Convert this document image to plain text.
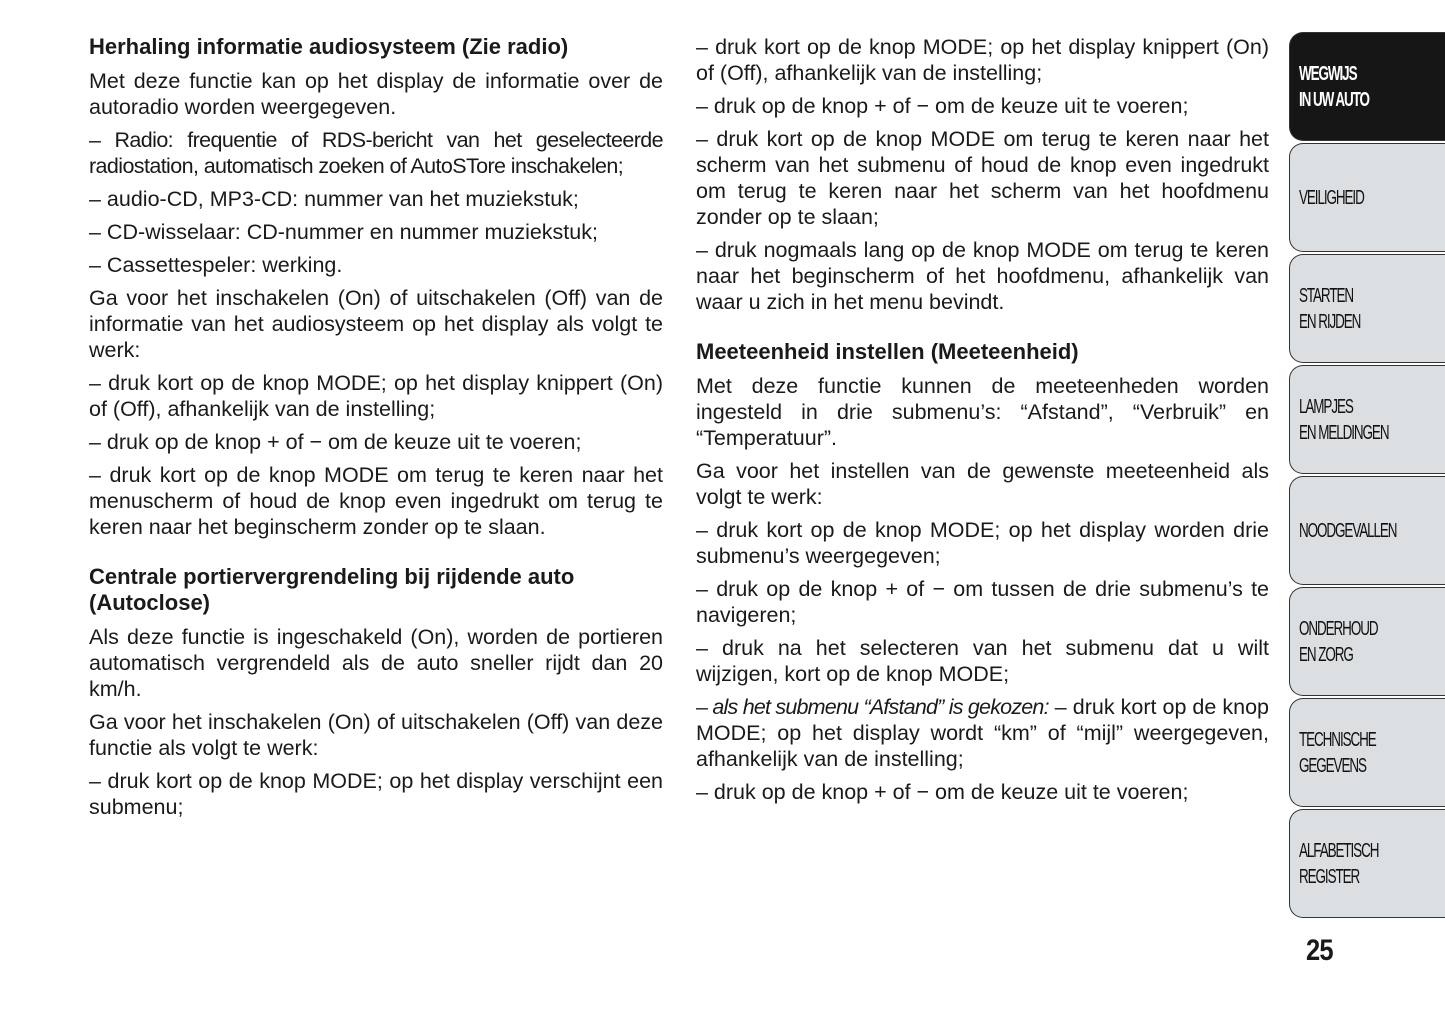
Herhaling informatie audiosysteem (Zie radio)

Met deze functie kan op het display de informatie over de autoradio worden weergegeven.

– Radio: frequentie of RDS-bericht van het geselecteerde radiostation, automatisch zoeken of AutoSTore inschakelen;

– audio-CD, MP3-CD: nummer van het muziekstuk;

– CD-wisselaar: CD-nummer en nummer muziekstuk;

– Cassettespeler: werking.

Ga voor het inschakelen (On) of uitschakelen (Off) van de informatie van het audiosysteem op het display als volgt te werk:

– druk kort op de knop MODE; op het display knippert (On) of (Off), afhankelijk van de instelling;

– druk op de knop + of − om de keuze uit te voeren;

– druk kort op de knop MODE om terug te keren naar het menuscherm of houd de knop even ingedrukt om terug te keren naar het beginscherm zonder op te slaan.

Centrale portiervergrendeling bij rijdende auto (Autoclose)

Als deze functie is ingeschakeld (On), worden de portieren automatisch vergrendeld als de auto sneller rijdt dan 20 km/h.

Ga voor het inschakelen (On) of uitschakelen (Off) van deze functie als volgt te werk:

– druk kort op de knop MODE; op het display verschijnt een submenu;

– druk kort op de knop MODE; op het display knippert (On) of (Off), afhankelijk van de instelling;

– druk op de knop + of − om de keuze uit te voeren;

– druk kort op de knop MODE om terug te keren naar het scherm van het submenu of houd de knop even ingedrukt om terug te keren naar het scherm van het hoofdmenu zonder op te slaan;

– druk nogmaals lang op de knop MODE om terug te keren naar het beginscherm of het hoofdmenu, afhankelijk van waar u zich in het menu bevindt.

Meeteenheid instellen (Meeteenheid)

Met deze functie kunnen de meeteenheden worden ingesteld in drie submenu’s: “Afstand”, “Verbruik” en “Temperatuur”.

Ga voor het instellen van de gewenste meeteenheid als volgt te werk:

– druk kort op de knop MODE; op het display worden drie submenu’s weergegeven;

– druk op de knop + of − om tussen de drie submenu’s te navigeren;

– druk na het selecteren van het submenu dat u wilt wijzigen, kort op de knop MODE;

– als het submenu “Afstand” is gekozen: – druk kort op de knop MODE; op het display wordt “km” of “mijl” weergegeven, afhankelijk van de instelling;

– druk op de knop + of − om de keuze uit te voeren;

WEGWIJS
IN UW AUTO
VEILIGHEID
STARTEN
EN RIJDEN
LAMPJES
EN MELDINGEN
NOODGEVALLEN
ONDERHOUD
EN ZORG
TECHNISCHE
GEGEVENS
ALFABETISCH
REGISTER
25
